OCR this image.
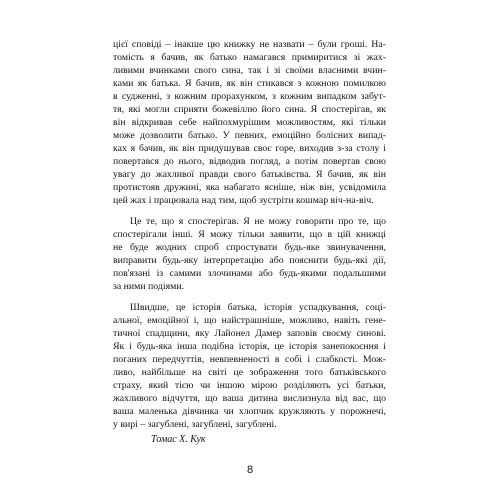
цієї сповіді – інакше цю книжку не назвати – були гроші. На-
томість я бачив, як батько намагався примиритися зі жах-
ливими вчинками свого сина, так і зі своїми власними вчин-
ками як батька. Я бачив, як він стикався з кожною помилкою
в судженні, з кожним прорахунком, з кожним випадком забут-
тя, які могли сприяти божевіллю його сина. Я спостерігав, як
він відкривав себе найпохмурішим можливостям, які тільки
може дозволити батько. У певних, емоційно болісних випад-
ках я бачив, як він придушував своє горе, виходив з-за столу і
повертався до нього, відводив погляд, а потім повертав свою
увагу до жахливої правди свого батьківства. Я бачив, як він
протистояв дружині, яка набагато ясніше, ніж він, усвідомила
цей жах і працювала над тим, щоб зустріти кошмар віч-на-віч.
Це те, що я спостерігав. Я не можу говорити про те, що
спостерігали інші. Я можу тільки заявити, що в цій книжці
не буде жодних спроб спростувати будь-яке звинувачення,
виправити будь-яку інтерпретацію або пояснити будь-які дії,
пов'язані із самими злочинами або будь-якими подальшими
за ними подіями.
Швидше, це історія батька, історія успадкування, соці-
альної, емоційної і, що найстрашніше, можливо, навіть гене-
тичної спадщини, яку Лайонел Дамер заповів своєму синові.
Як і будь-яка інша подібна історія, це історія занепокоєння і
поганих передчуттів, невпевненості в собі і слабкості. Мож-
ливо, найбільше на світі це зображення того батьківського
страху, який тією чи іншою мірою розділяють усі батьки,
жахливого відчуття, що ваша дитина вислизнула від вас, що
ваша маленька дівчинка чи хлопчик кружляють у порожнечі,
у вирі – загублені, загублені, загублені.
Томас Х. Кук
8
